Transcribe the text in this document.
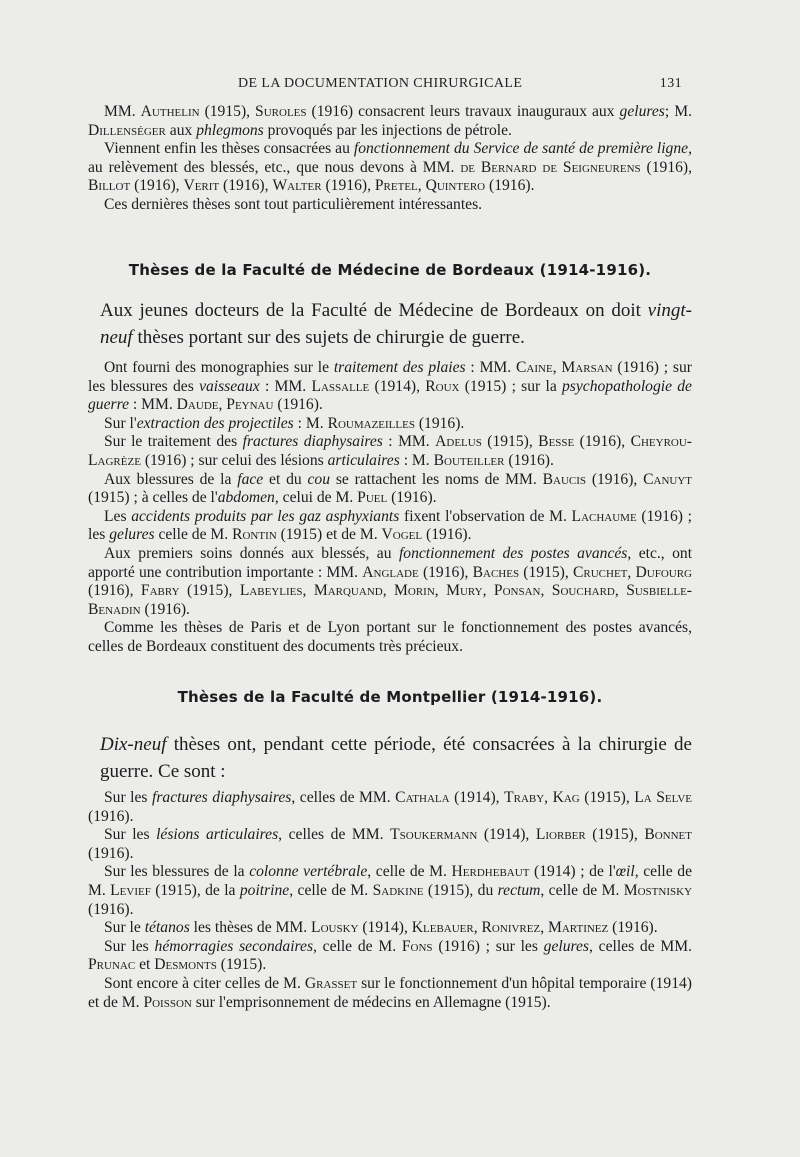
DE LA DOCUMENTATION CHIRURGICALE	131

MM. Authelin (1915), Suroles (1916) consacrent leurs travaux inauguraux aux gelures; M. Dillenséger aux phlegmons provoqués par les injections de pétrole.

Viennent enfin les thèses consacrées au fonctionnement du Service de santé de première ligne, au relèvement des blessés, etc., que nous devons à MM. de Bernard de Seigneurens (1916), Billot (1916), Verit (1916), Walter (1916), Pretel, Quintero (1916).

Ces dernières thèses sont tout particulièrement intéressantes.

Thèses de la Faculté de Médecine de Bordeaux (1914-1916).

Aux jeunes docteurs de la Faculté de Médecine de Bordeaux on doit vingt-neuf thèses portant sur des sujets de chirurgie de guerre.

Ont fourni des monographies sur le traitement des plaies : MM. Caine, Marsan (1916) ; sur les blessures des vaisseaux : MM. Lassalle (1914), Roux (1915) ; sur la psychopathologie de guerre : MM. Daude, Peynau (1916).

Sur l'extraction des projectiles : M. Roumazeilles (1916).

Sur le traitement des fractures diaphysaires : MM. Adelus (1915), Besse (1916), Cheyrou-Lagrèze (1916) ; sur celui des lésions articulaires : M. Bouteiller (1916).

Aux blessures de la face et du cou se rattachent les noms de MM. Baucis (1916), Canuyt (1915) ; à celles de l'abdomen, celui de M. Puel (1916).

Les accidents produits par les gaz asphyxiants fixent l'observation de M. Lachaume (1916) ; les gelures celle de M. Rontin (1915) et de M. Vogel (1916).

Aux premiers soins donnés aux blessés, au fonctionnement des postes avancés, etc., ont apporté une contribution importante : MM. Anglade (1916), Baches (1915), Cruchet, Dufourg (1916), Fabry (1915), Labeylies, Marquand, Morin, Mury, Ponsan, Souchard, Susbielle-Benadin (1916).

Comme les thèses de Paris et de Lyon portant sur le fonctionnement des postes avancés, celles de Bordeaux constituent des documents très précieux.

Thèses de la Faculté de Montpellier (1914-1916).

Dix-neuf thèses ont, pendant cette période, été consacrées à la chirurgie de guerre. Ce sont :

Sur les fractures diaphysaires, celles de MM. Cathala (1914), Traby, Kag (1915), La Selve (1916).

Sur les lésions articulaires, celles de MM. Tsoukermann (1914), Liorber (1915), Bonnet (1916).

Sur les blessures de la colonne vertébrale, celle de M. Herdhebaut (1914) ; de l'œil, celle de M. Levief (1915), de la poitrine, celle de M. Sadkine (1915), du rectum, celle de M. Mostnisky (1916).

Sur le tétanos les thèses de MM. Lousky (1914), Klebauer, Ronivrez, Martinez (1916).

Sur les hémorragies secondaires, celle de M. Fons (1916) ; sur les gelures, celles de MM. Prunac et Desmonts (1915).

Sont encore à citer celles de M. Grasset sur le fonctionnement d'un hôpital temporaire (1914) et de M. Poisson sur l'emprisonnement de médecins en Allemagne (1915).
